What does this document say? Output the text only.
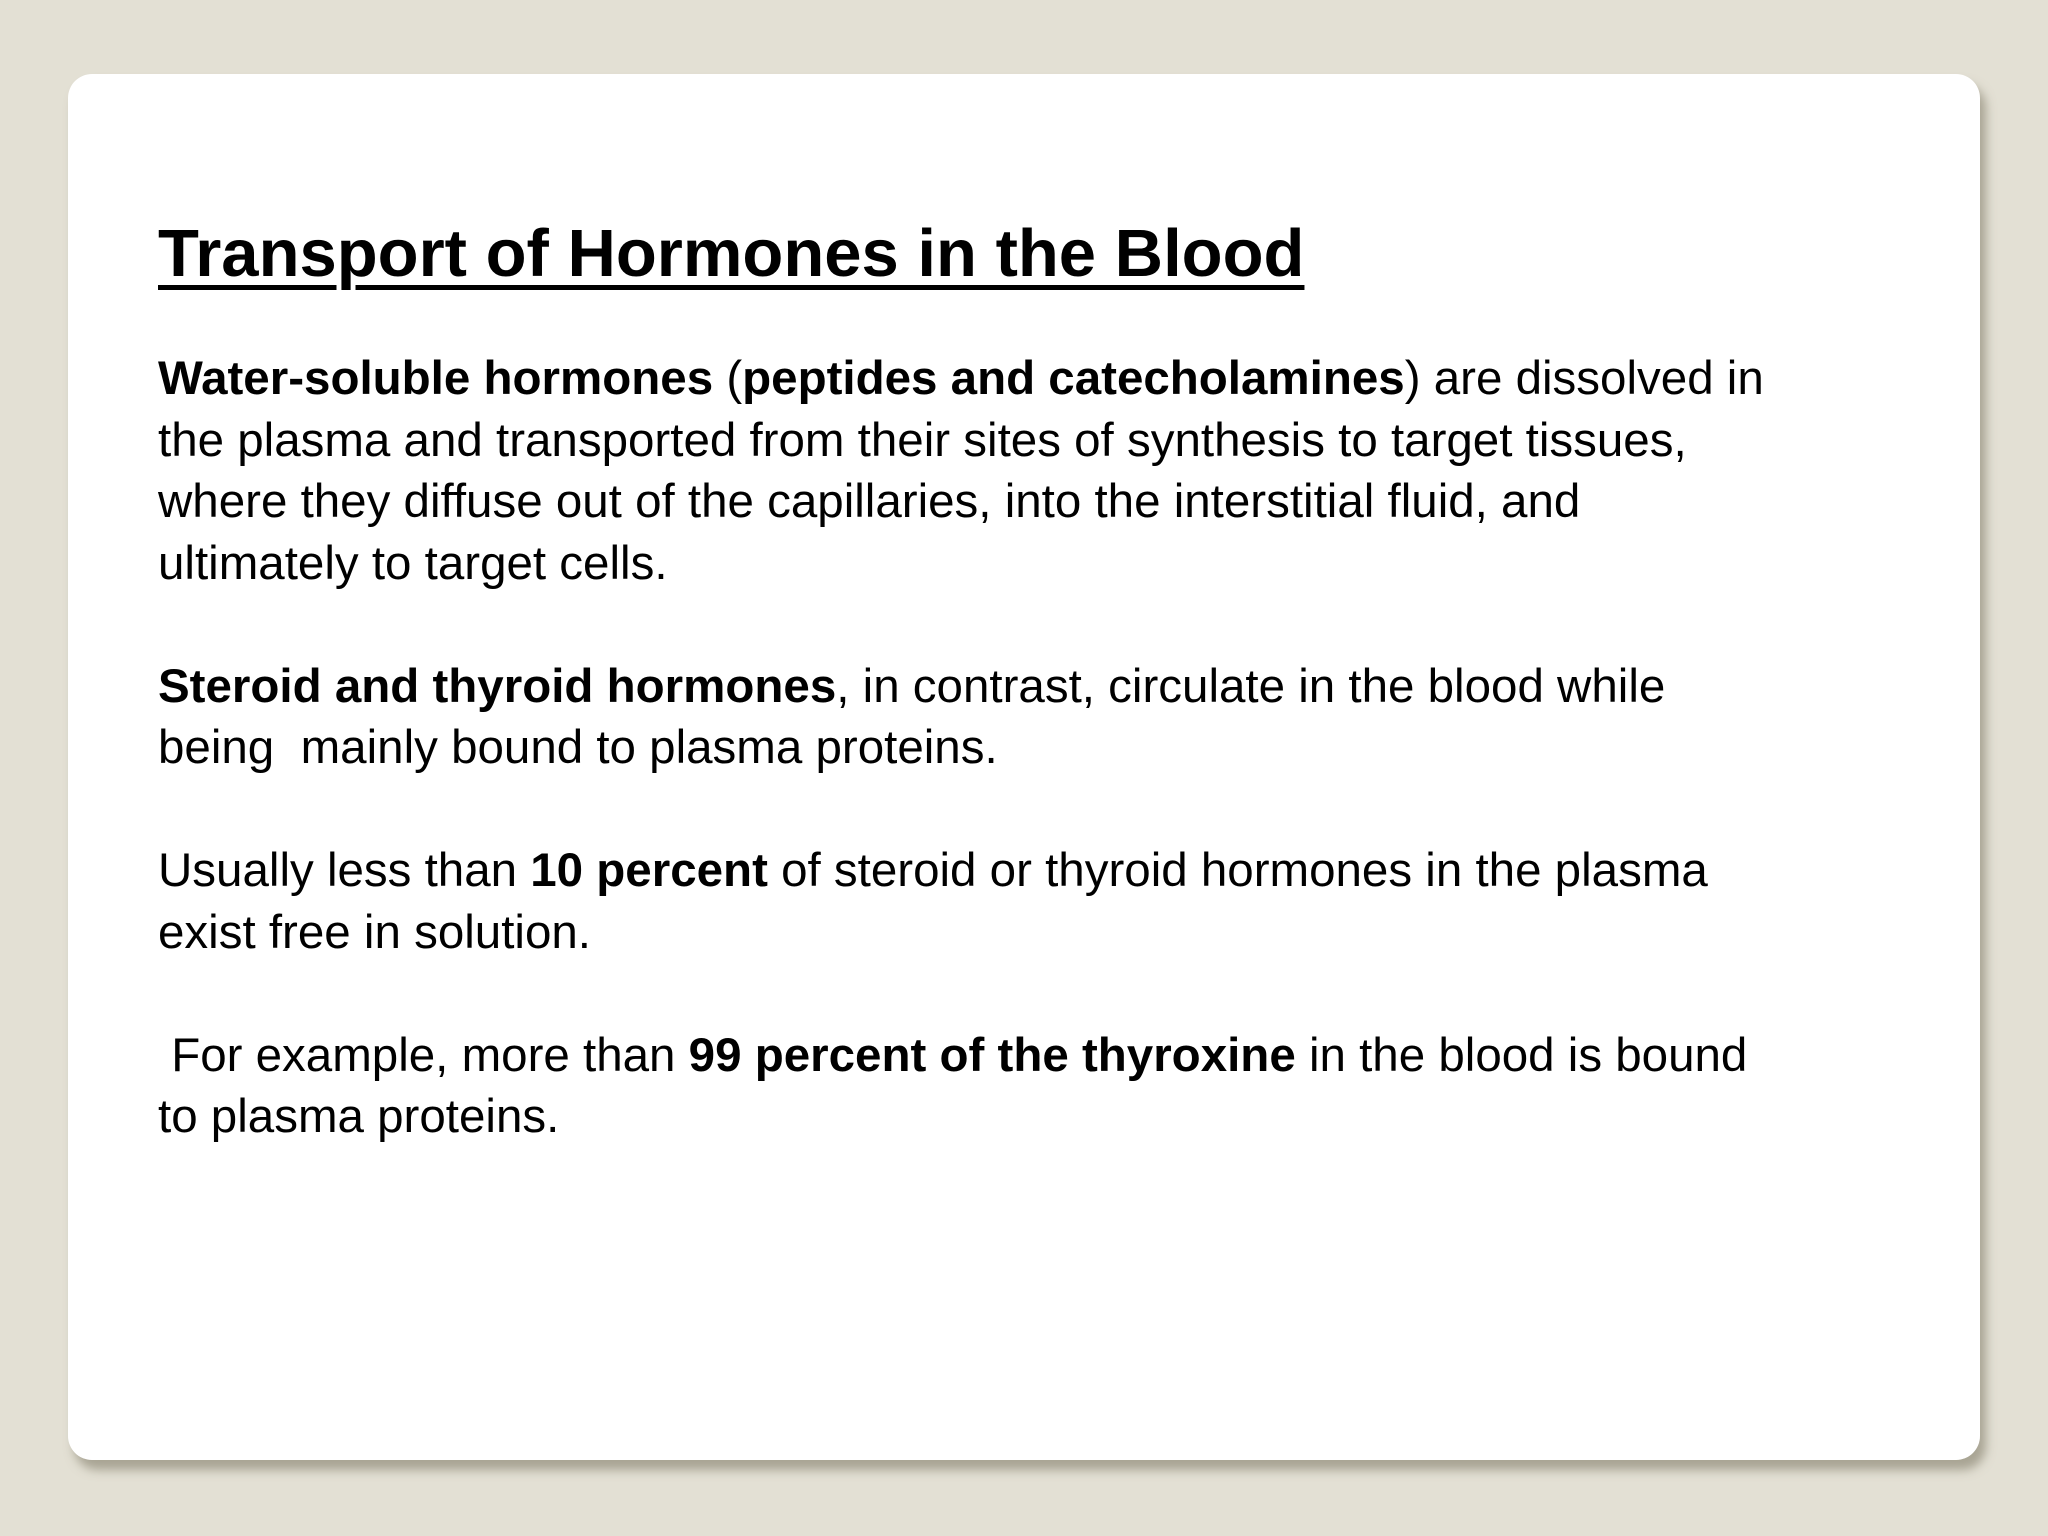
Transport of Hormones in the Blood

Water-soluble hormones (peptides and catecholamines) are dissolved in
the plasma and transported from their sites of synthesis to target tissues,
where they diffuse out of the capillaries, into the interstitial fluid, and
ultimately to target cells.

Steroid and thyroid hormones, in contrast, circulate in the blood while
being  mainly bound to plasma proteins.

Usually less than 10 percent of steroid or thyroid hormones in the plasma
exist free in solution.

For example, more than 99 percent of the thyroxine in the blood is bound
to plasma proteins.
